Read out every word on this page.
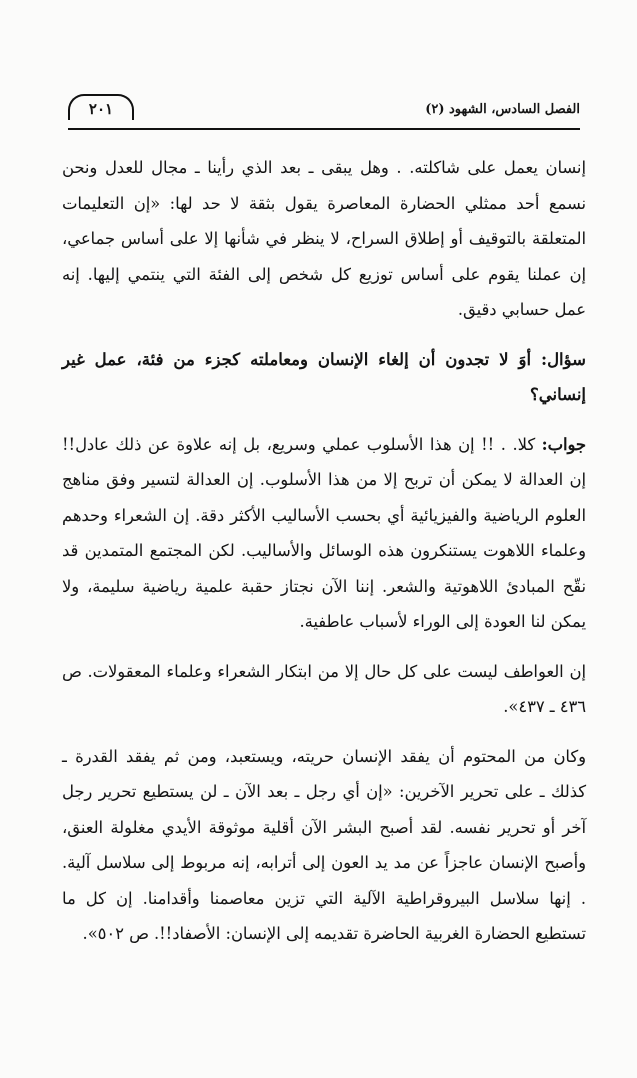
٢٠١	الفصل السادس، الشهود (٢)

إنسان يعمل على شاكلته. . وهل يبقى ـ بعد الذي رأينا ـ مجال للعدل ونحن نسمع أحد ممثلي الحضارة المعاصرة يقول بثقة لا حد لها: «إن التعليمات المتعلقة بالتوقيف أو إطلاق السراح، لا ينظر في شأنها إلا على أساس جماعي، إن عملنا يقوم على أساس توزيع كل شخص إلى الفئة التي ينتمي إليها. إنه عمل حسابي دقيق.

سؤال: أوَ لا تجدون أن إلغاء الإنسان ومعاملته كجزء من فئة، عمل غير إنساني؟

جواب: كلا. . !! إن هذا الأسلوب عملي وسريع، بل إنه علاوة عن ذلك عادل!! إن العدالة لا يمكن أن تربح إلا من هذا الأسلوب. إن العدالة لتسير وفق مناهج العلوم الرياضية والفيزيائية أي بحسب الأساليب الأكثر دقة. إن الشعراء وحدهم وعلماء اللاهوت يستنكرون هذه الوسائل والأساليب. لكن المجتمع المتمدين قد نقّح المبادئ اللاهوتية والشعر. إننا الآن نجتاز حقبة علمية رياضية سليمة، ولا يمكن لنا العودة إلى الوراء لأسباب عاطفية.

إن العواطف ليست على كل حال إلا من ابتكار الشعراء وعلماء المعقولات. ص ٤٣٦ ـ ٤٣٧».

وكان من المحتوم أن يفقد الإنسان حريته، ويستعبد، ومن ثم يفقد القدرة ـ كذلك ـ على تحرير الآخرين: «إن أي رجل ـ بعد الآن ـ لن يستطيع تحرير رجل آخر أو تحرير نفسه. لقد أصبح البشر الآن أقلية موثوقة الأيدي مغلولة العنق، وأصبح الإنسان عاجزاً عن مد يد العون إلى أترابه، إنه مربوط إلى سلاسل آلية. . إنها سلاسل البيروقراطية الآلية التي تزين معاصمنا وأقدامنا. إن كل ما تستطيع الحضارة الغربية الحاضرة تقديمه إلى الإنسان: الأصفاد!!. ص ٥٠٢».
